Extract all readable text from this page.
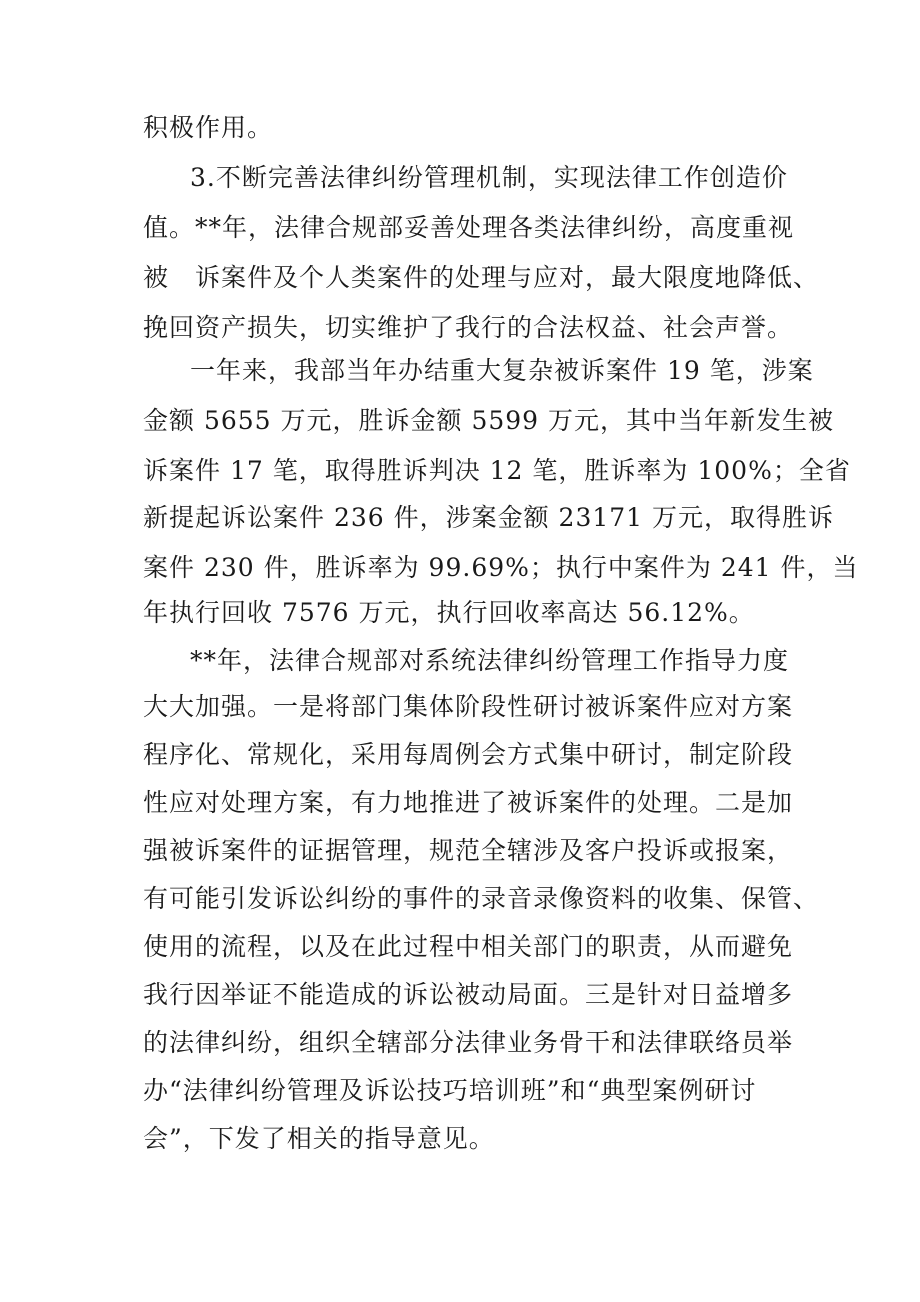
积极作用。
3.不断完善法律纠纷管理机制，实现法律工作创造价
值。**年，法律合规部妥善处理各类法律纠纷，高度重视
被　诉案件及个人类案件的处理与应对，最大限度地降低、
挽回资产损失，切实维护了我行的合法权益、社会声誉。
一年来，我部当年办结重大复杂被诉案件 19 笔，涉案
金额 5655 万元，胜诉金额 5599 万元，其中当年新发生被
诉案件 17 笔，取得胜诉判决 12 笔，胜诉率为 100%；全省
新提起诉讼案件 236 件，涉案金额 23171 万元，取得胜诉
案件 230 件，胜诉率为 99.69%；执行中案件为 241 件，当
年执行回收 7576 万元，执行回收率高达 56.12%。
**年，法律合规部对系统法律纠纷管理工作指导力度
大大加强。一是将部门集体阶段性研讨被诉案件应对方案
程序化、常规化，采用每周例会方式集中研讨，制定阶段
性应对处理方案，有力地推进了被诉案件的处理。二是加
强被诉案件的证据管理，规范全辖涉及客户投诉或报案，
有可能引发诉讼纠纷的事件的录音录像资料的收集、保管、
使用的流程，以及在此过程中相关部门的职责，从而避免
我行因举证不能造成的诉讼被动局面。三是针对日益增多
的法律纠纷，组织全辖部分法律业务骨干和法律联络员举
办“法律纠纷管理及诉讼技巧培训班”和“典型案例研讨
会”，下发了相关的指导意见。
